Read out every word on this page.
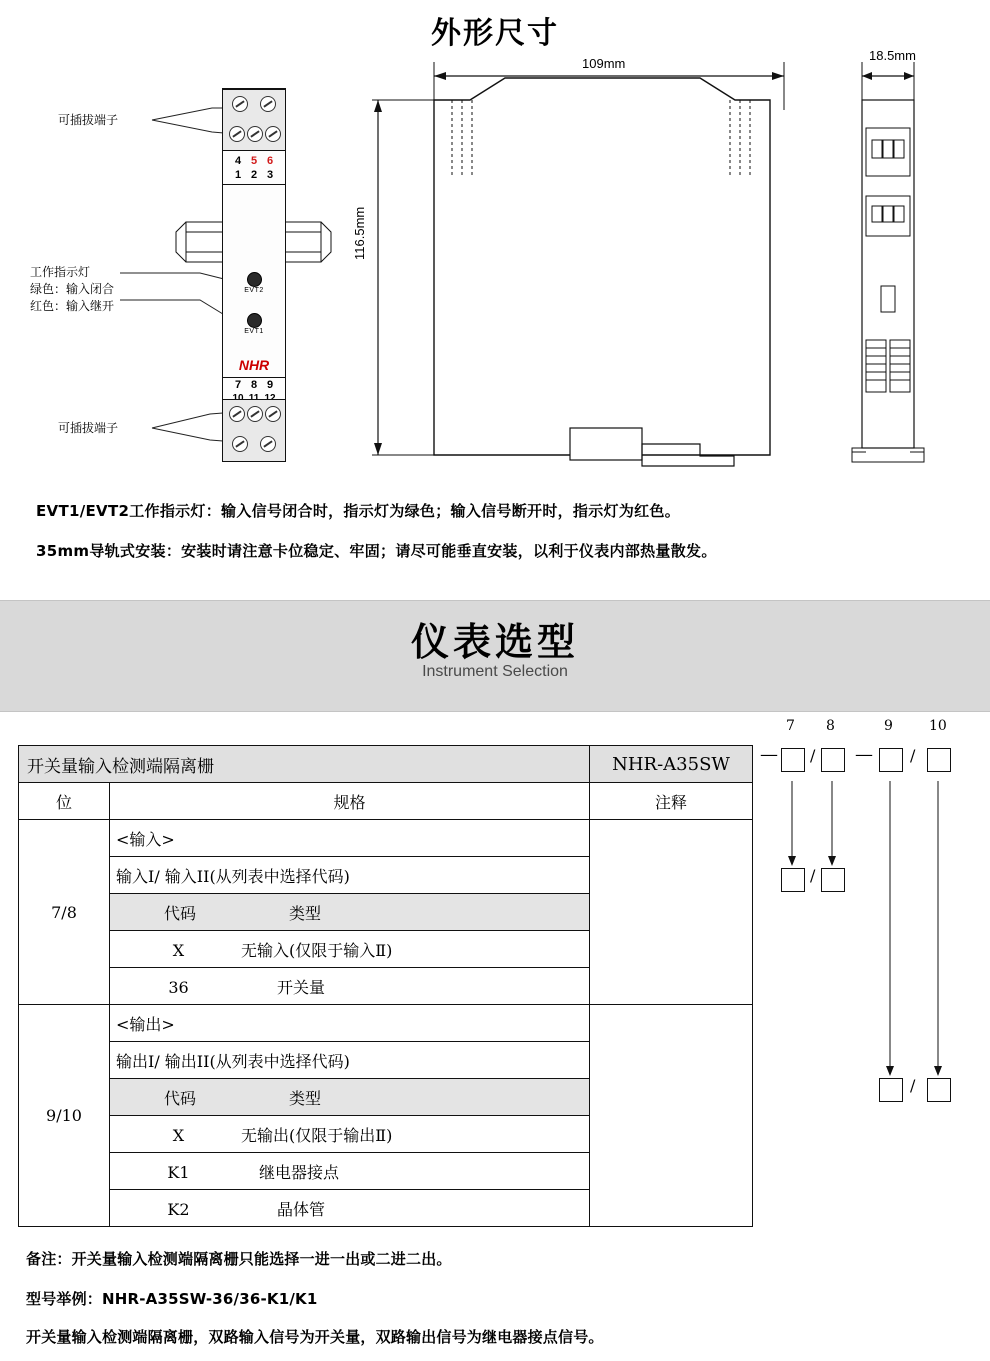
外形尺寸
可插拔端子
工作指示灯
绿色：输入闭合
红色：输入继开
可插拔端子
109mm
18.5mm
116.5mm
4 5 6
1 2 3
EVT2
EVT1
NHR
7 8 9
EVT1/EVT2工作指示灯：输入信号闭合时，指示灯为绿色；输入信号断开时，指示灯为红色。
35mm导轨式安装：安装时请注意卡位稳定、牢固；请尽可能垂直安装，以利于仪表内部热量散发。
仪表选型
Instrument Selection
开关量输入检测端隔离栅		NHR-A35SW
位	规格	注释
7/8	<输入>	
	输入I/ 输入II(从列表中选择代码)	
	代码 类型	
	X 无输入(仅限于输入Ⅱ)	
	36 开关量	
9/10	<输出>	
	输出I/ 输出II(从列表中选择代码)	
	代码 类型	
	X 无输出(仅限于输出Ⅱ)	
	K1 继电器接点	
	K2 晶体管	
7 8	9	10
— / — /
/
/
备注：开关量输入检测端隔离栅只能选择一进一出或二进二出。
型号举例：NHR-A35SW-36/36-K1/K1
开关量输入检测端隔离栅，双路输入信号为开关量，双路输出信号为继电器接点信号。
